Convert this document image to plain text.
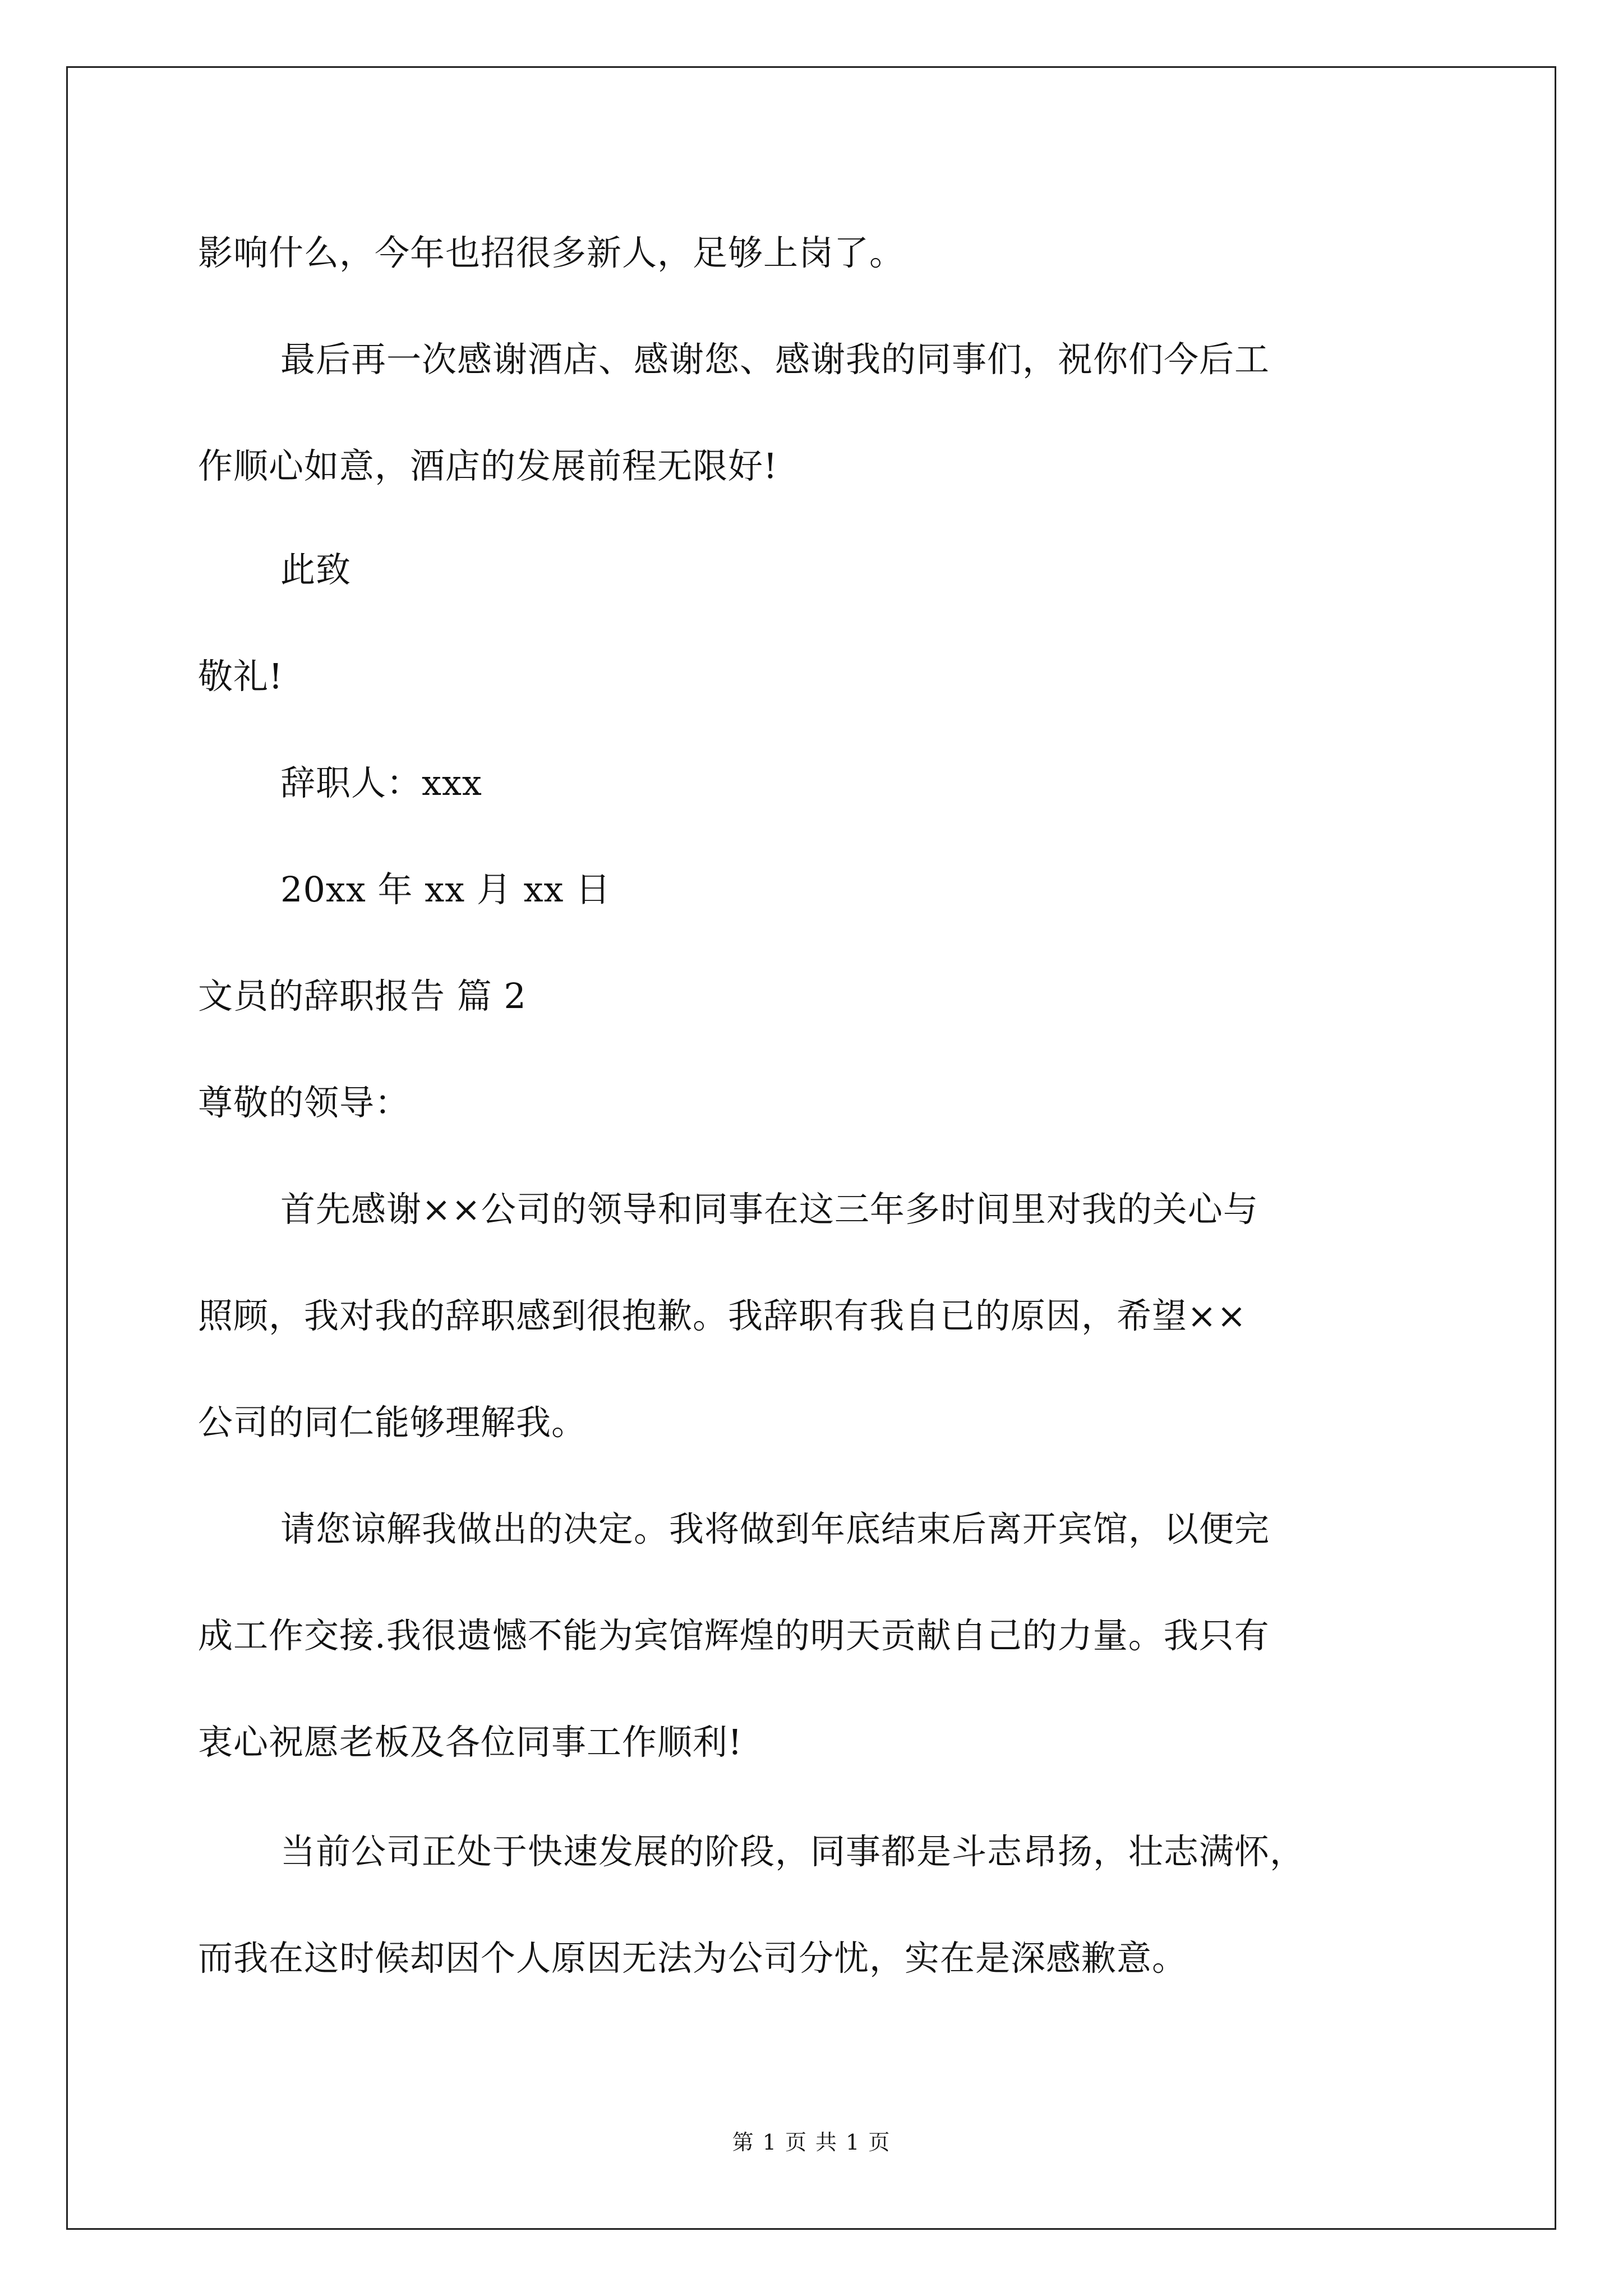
影响什么，今年也招很多新人，足够上岗了。
最后再一次感谢酒店、感谢您、感谢我的同事们，祝你们今后工
作顺心如意，酒店的发展前程无限好!
此致
敬礼!
辞职人：xxx
20xx 年 xx 月 xx 日
文员的辞职报告 篇 2
尊敬的领导：
首先感谢××公司的领导和同事在这三年多时间里对我的关心与
照顾，我对我的辞职感到很抱歉。我辞职有我自已的原因，希望××
公司的同仁能够理解我。
请您谅解我做出的决定。我将做到年底结束后离开宾馆，以便完
成工作交接.我很遗憾不能为宾馆辉煌的明天贡献自己的力量。我只有
衷心祝愿老板及各位同事工作顺利!
当前公司正处于快速发展的阶段，同事都是斗志昂扬，壮志满怀，
而我在这时候却因个人原因无法为公司分忧，实在是深感歉意。
第 1 页 共 1 页
